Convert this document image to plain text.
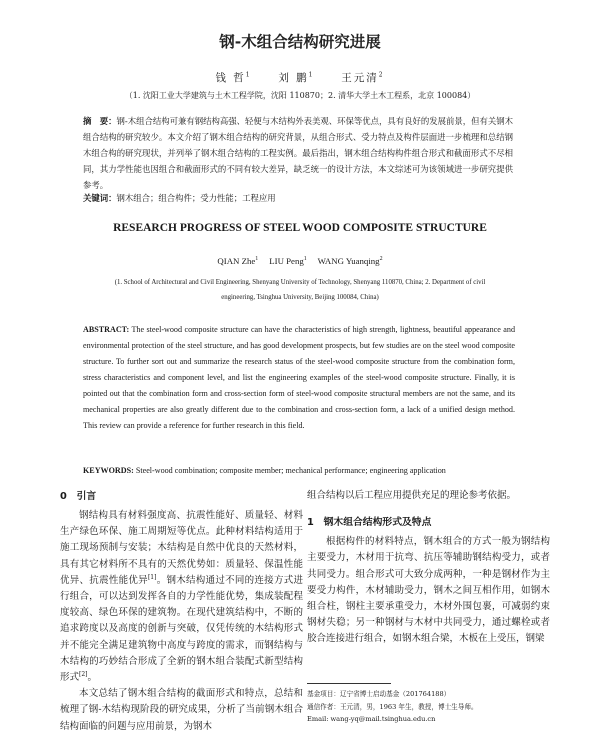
钢-木组合结构研究进展
钱 哲$^1$	刘 鹏$^1$	王元清$^2$
（1. 沈阳工业大学建筑与土木工程学院，沈阳 110870；2. 清华大学土木工程系，北京 100084）
摘　要：钢-木组合结构可兼有钢结构高强、轻便与木结构外表美观、环保等优点，具有良好的发展前景，但有关钢木组合结构的研究较少。本文介绍了钢木组合结构的研究背景，从组合形式、受力特点及构件层面进一步梳理和总结钢木组合构的研究现状，并列举了钢木组合结构的工程实例。最后指出，钢木组合结构构件组合形式和截面形式不尽相同，其力学性能也因组合和截面形式的不同有较大差异，缺乏统一的设计方法，本文综述可为该领域进一步研究提供参考。
关键词：钢木组合；组合构件；受力性能；工程应用
RESEARCH PROGRESS OF STEEL WOOD COMPOSITE STRUCTURE
QIAN Zhe$^1$ LIU Peng$^1$ WANG Yuanqing$^2$
(1. School of Architectural and Civil Engineering, Shenyang University of Technology, Shenyang 110870, China; 2. Department of civil engineering, Tsinghua University, Beijing 100084, China)
ABSTRACT: The steel-wood composite structure can have the characteristics of high strength, lightness, beautiful appearance and environmental protection of the steel structure, and has good development prospects, but few studies are on the steel wood composite structure. To further sort out and summarize the research status of the steel-wood composite structure from the combination form, stress characteristics and component level, and list the engineering examples of the steel-wood composite structure. Finally, it is pointed out that the combination form and cross-section form of steel-wood composite structural members are not the same, and its mechanical properties are also greatly different due to the combination and cross-section form, a lack of a unified design method. This review can provide a reference for further research in this field.
KEYWORDS: Steel-wood combination; composite member; mechanical performance; engineering application
0　引言

钢结构具有材料强度高、抗震性能好、质量轻、材料生产绿色环保、施工周期短等优点。此种材料结构适用于施工现场预制与安装；木结构是自然中优良的天然材料，具有其它材料所不具有的天然优势如：质量轻、保温性能优异、抗震性能优异[1]。钢木结构通过不同的连接方式进行组合，可以达到发挥各自的力学性能优势，集成装配程度较高、绿色环保的建筑物。在现代建筑结构中，不断的追求跨度以及高度的创新与突破，仅凭传统的木结构形式并不能完全满足建筑物中高度与跨度的需求，而钢结构与木结构的巧妙结合形成了全新的钢木组合装配式新型结构形式[2]。

本文总结了钢木组合结构的截面形式和特点，总结和梳理了钢-木结构现阶段的研究成果，分析了当前钢木组合结构面临的问题与应用前景，为钢木

组合结构以后工程应用提供充足的理论参考依据。

1　钢木组合结构形式及特点

根据构件的材料特点，钢木组合的方式一般为钢结构主要受力，木材用于抗弯、抗压等辅助钢结构受力，或者共同受力。组合形式可大致分成两种，一种是钢材作为主要受力构件，木材辅助受力，钢木之间互相作用，如钢木组合柱，钢柱主要承重受力，木材外围包裹，可减弱约束钢材失稳；另一种钢材与木材中共同受力，通过螺栓或者胶合连接进行组合，如钢木组合梁，木板在上受压，钢梁

基金项目：辽宁省博士启动基金（201764188）
通信作者：王元清，男，1963 年生，教授，博士生导师。
Email: wang-yq@mail.tsinghua.edu.cn
